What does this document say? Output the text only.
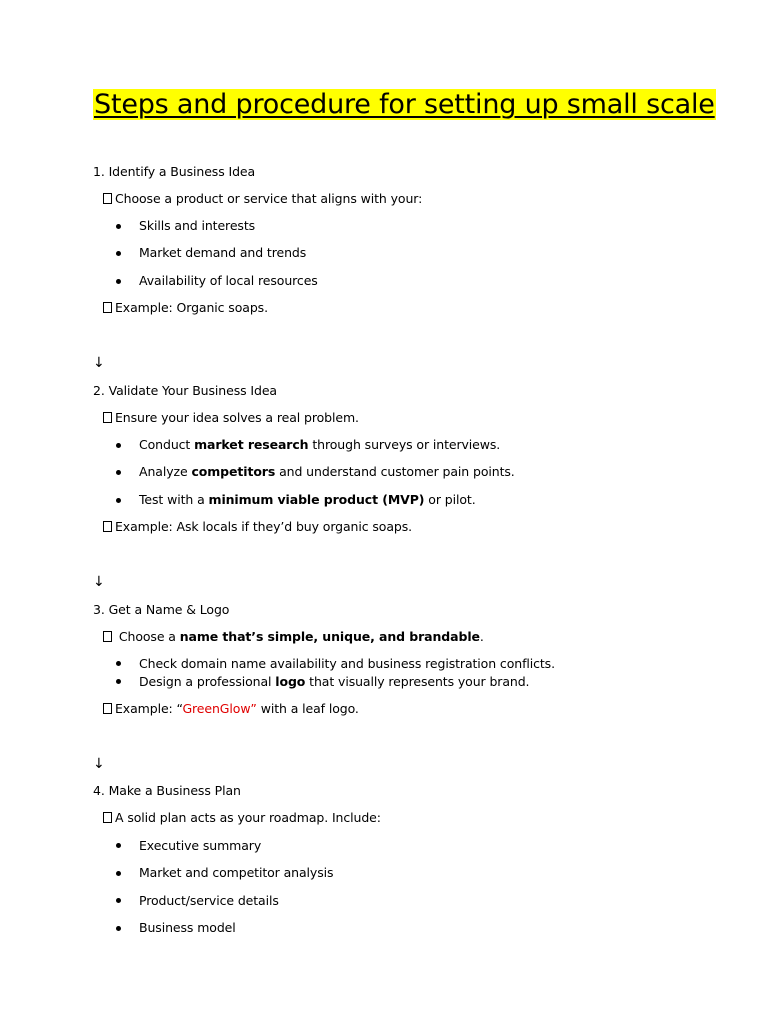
Steps and procedure for setting up small scale
1. Identify a Business Idea
Choose a product or service that aligns with your:
Skills and interests
Market demand and trends
Availability of local resources
Example: Organic soaps.
↓
2. Validate Your Business Idea
Ensure your idea solves a real problem.
Conduct market research through surveys or interviews.
Analyze competitors and understand customer pain points.
Test with a minimum viable product (MVP) or pilot.
Example: Ask locals if they’d buy organic soaps.
↓
3. Get a Name & Logo
Choose a name that’s simple, unique, and brandable.
Check domain name availability and business registration conflicts.
Design a professional logo that visually represents your brand.
Example: “GreenGlow” with a leaf logo.
↓
4. Make a Business Plan
A solid plan acts as your roadmap. Include:
Executive summary
Market and competitor analysis
Product/service details
Business model
